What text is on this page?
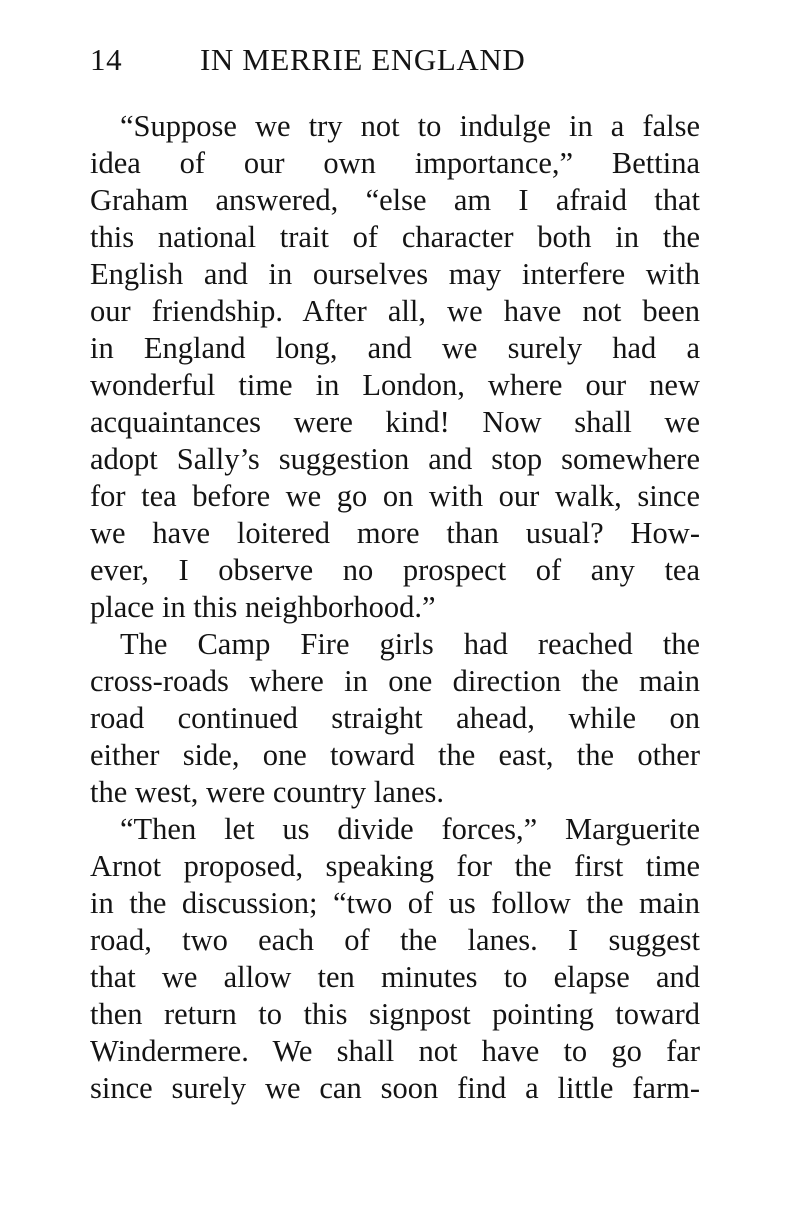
14	IN MERRIE ENGLAND
“Suppose we try not to indulge in a false
idea of our own importance,” Bettina
Graham answered, “else am I afraid that
this national trait of character both in the
English and in ourselves may interfere with
our friendship. After all, we have not been
in England long, and we surely had a
wonderful time in London, where our new
acquaintances were kind! Now shall we
adopt Sally’s suggestion and stop somewhere
for tea before we go on with our walk, since
we have loitered more than usual? How-
ever, I observe no prospect of any tea
place in this neighborhood.”
The Camp Fire girls had reached the
cross-roads where in one direction the main
road continued straight ahead, while on
either side, one toward the east, the other
the west, were country lanes.
“Then let us divide forces,” Marguerite
Arnot proposed, speaking for the first time
in the discussion; “two of us follow the main
road, two each of the lanes. I suggest
that we allow ten minutes to elapse and
then return to this signpost pointing toward
Windermere. We shall not have to go far
since surely we can soon find a little farm-
